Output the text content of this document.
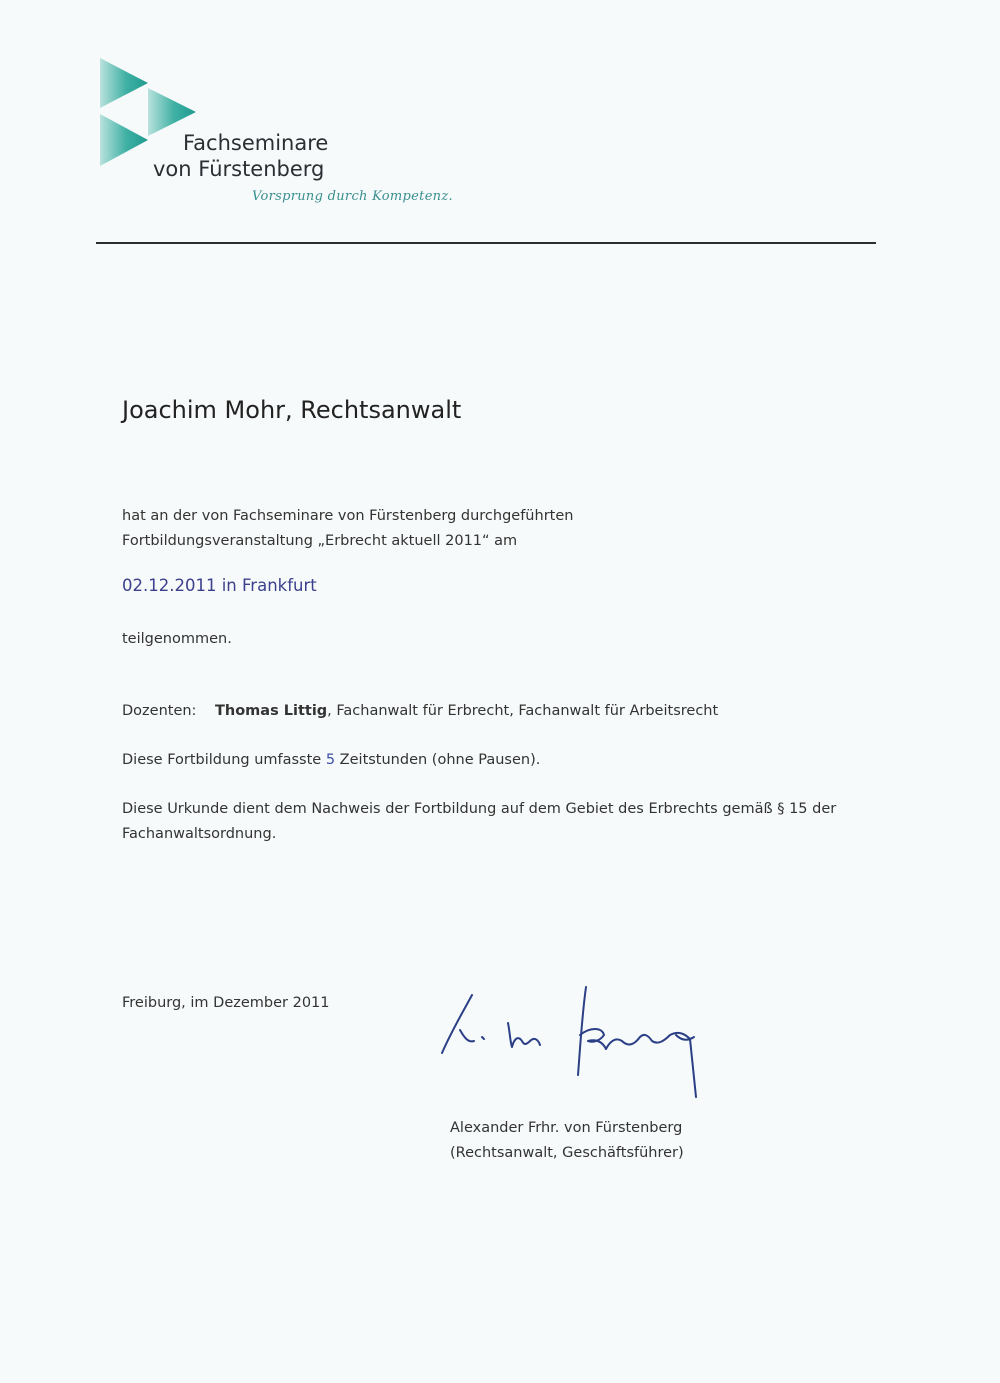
Fachseminare
von Fürstenberg
Vorsprung durch Kompetenz.
Joachim Mohr, Rechtsanwalt
hat an der von Fachseminare von Fürstenberg durchgeführten
Fortbildungsveranstaltung „Erbrecht aktuell 2011“ am
02.12.2011 in Frankfurt
teilgenommen.
Dozenten: Thomas Littig, Fachanwalt für Erbrecht, Fachanwalt für Arbeitsrecht
Diese Fortbildung umfasste 5 Zeitstunden (ohne Pausen).
Diese Urkunde dient dem Nachweis der Fortbildung auf dem Gebiet des Erbrechts gemäß § 15 der
Fachanwaltsordnung.
Freiburg, im Dezember 2011
Alexander Frhr. von Fürstenberg
(Rechtsanwalt, Geschäftsführer)
